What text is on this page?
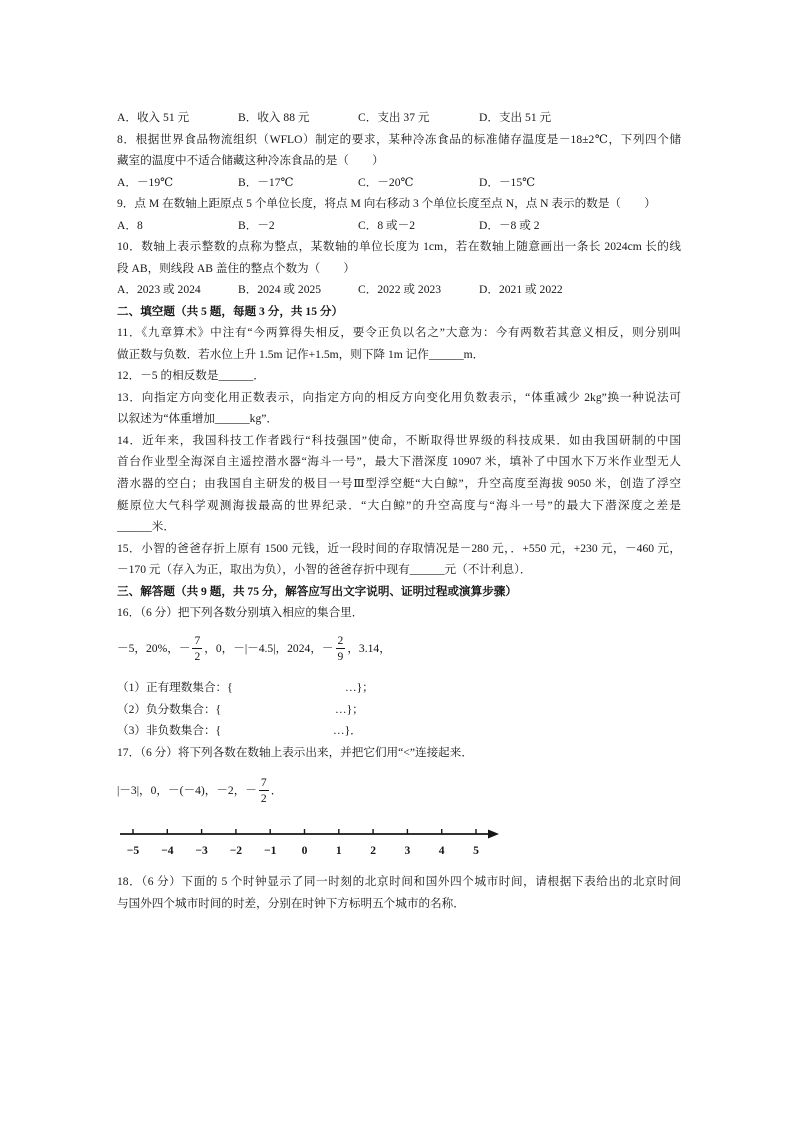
A．收入 51 元	B．收入 88 元	C．支出 37 元	D．支出 51 元
8．根据世界食品物流组织（WFLO）制定的要求，某种冷冻食品的标准储存温度是－18±2℃，下列四个储
藏室的温度中不适合储藏这种冷冻食品的是（　　）
A．－19℃	B．－17℃	C．－20℃	D．－15℃
9．点 M 在数轴上距原点 5 个单位长度，将点 M 向右移动 3 个单位长度至点 N，点 N 表示的数是（　　）
A．8	B．－2	C．8 或－2	D．－8 或 2
10．数轴上表示整数的点称为整点，某数轴的单位长度为 1cm，若在数轴上随意画出一条长 2024cm 长的线
段 AB，则线段 AB 盖住的整点个数为（　　）
A．2023 或 2024	B．2024 或 2025	C．2022 或 2023	D．2021 或 2022
二、填空题（共 5 题，每题 3 分，共 15 分）
11．《九章算术》中注有“今两算得失相反，要令正负以名之”大意为：今有两数若其意义相反，则分别叫
做正数与负数．若水位上升 1.5m 记作+1.5m，则下降 1m 记作______m．
12．－5 的相反数是______．
13．向指定方向变化用正数表示，向指定方向的相反方向变化用负数表示，“体重减少 2kg”换一种说法可
以叙述为“体重增加______kg”．
14．近年来，我国科技工作者践行“科技强国”使命，不断取得世界级的科技成果．如由我国研制的中国
首台作业型全海深自主遥控潜水器“海斗一号”，最大下潜深度 10907 米，填补了中国水下万米作业型无人
潜水器的空白；由我国自主研发的极目一号Ⅲ型浮空艇“大白鲸”，升空高度至海拔 9050 米，创造了浮空
艇原位大气科学观测海拔最高的世界纪录．“大白鲸”的升空高度与“海斗一号”的最大下潜深度之差是
______米．
15．小智的爸爸存折上原有 1500 元钱，近一段时间的存取情况是－280 元，．+550 元，+230 元，－460 元，
－170 元（存入为正，取出为负），小智的爸爸存折中现有______元（不计利息）．
三、解答题（共 9 题，共 75 分，解答应写出文字说明、证明过程或演算步骤）
16．（6 分）把下列各数分别填入相应的集合里．
－5，20%，－ $\frac{7}{2}$ ，0，－|－4.5|，2024，－ $\frac{2}{9}$ ，3.14，
（1）正有理数集合：{	…}；
（2）负分数集合：{	…}；
（3）非负数集合：{	…}．
17．（6 分）将下列各数在数轴上表示出来，并把它们用“<”连接起来．
|－3|，0，－(－4)，－2，－ $\frac{7}{2}$ ．
−5 −4 −3 −2 −1 0 1 2 3 4 5
18．（6 分）下面的 5 个时钟显示了同一时刻的北京时间和国外四个城市时间，请根据下表给出的北京时间
与国外四个城市时间的时差，分别在时钟下方标明五个城市的名称．
